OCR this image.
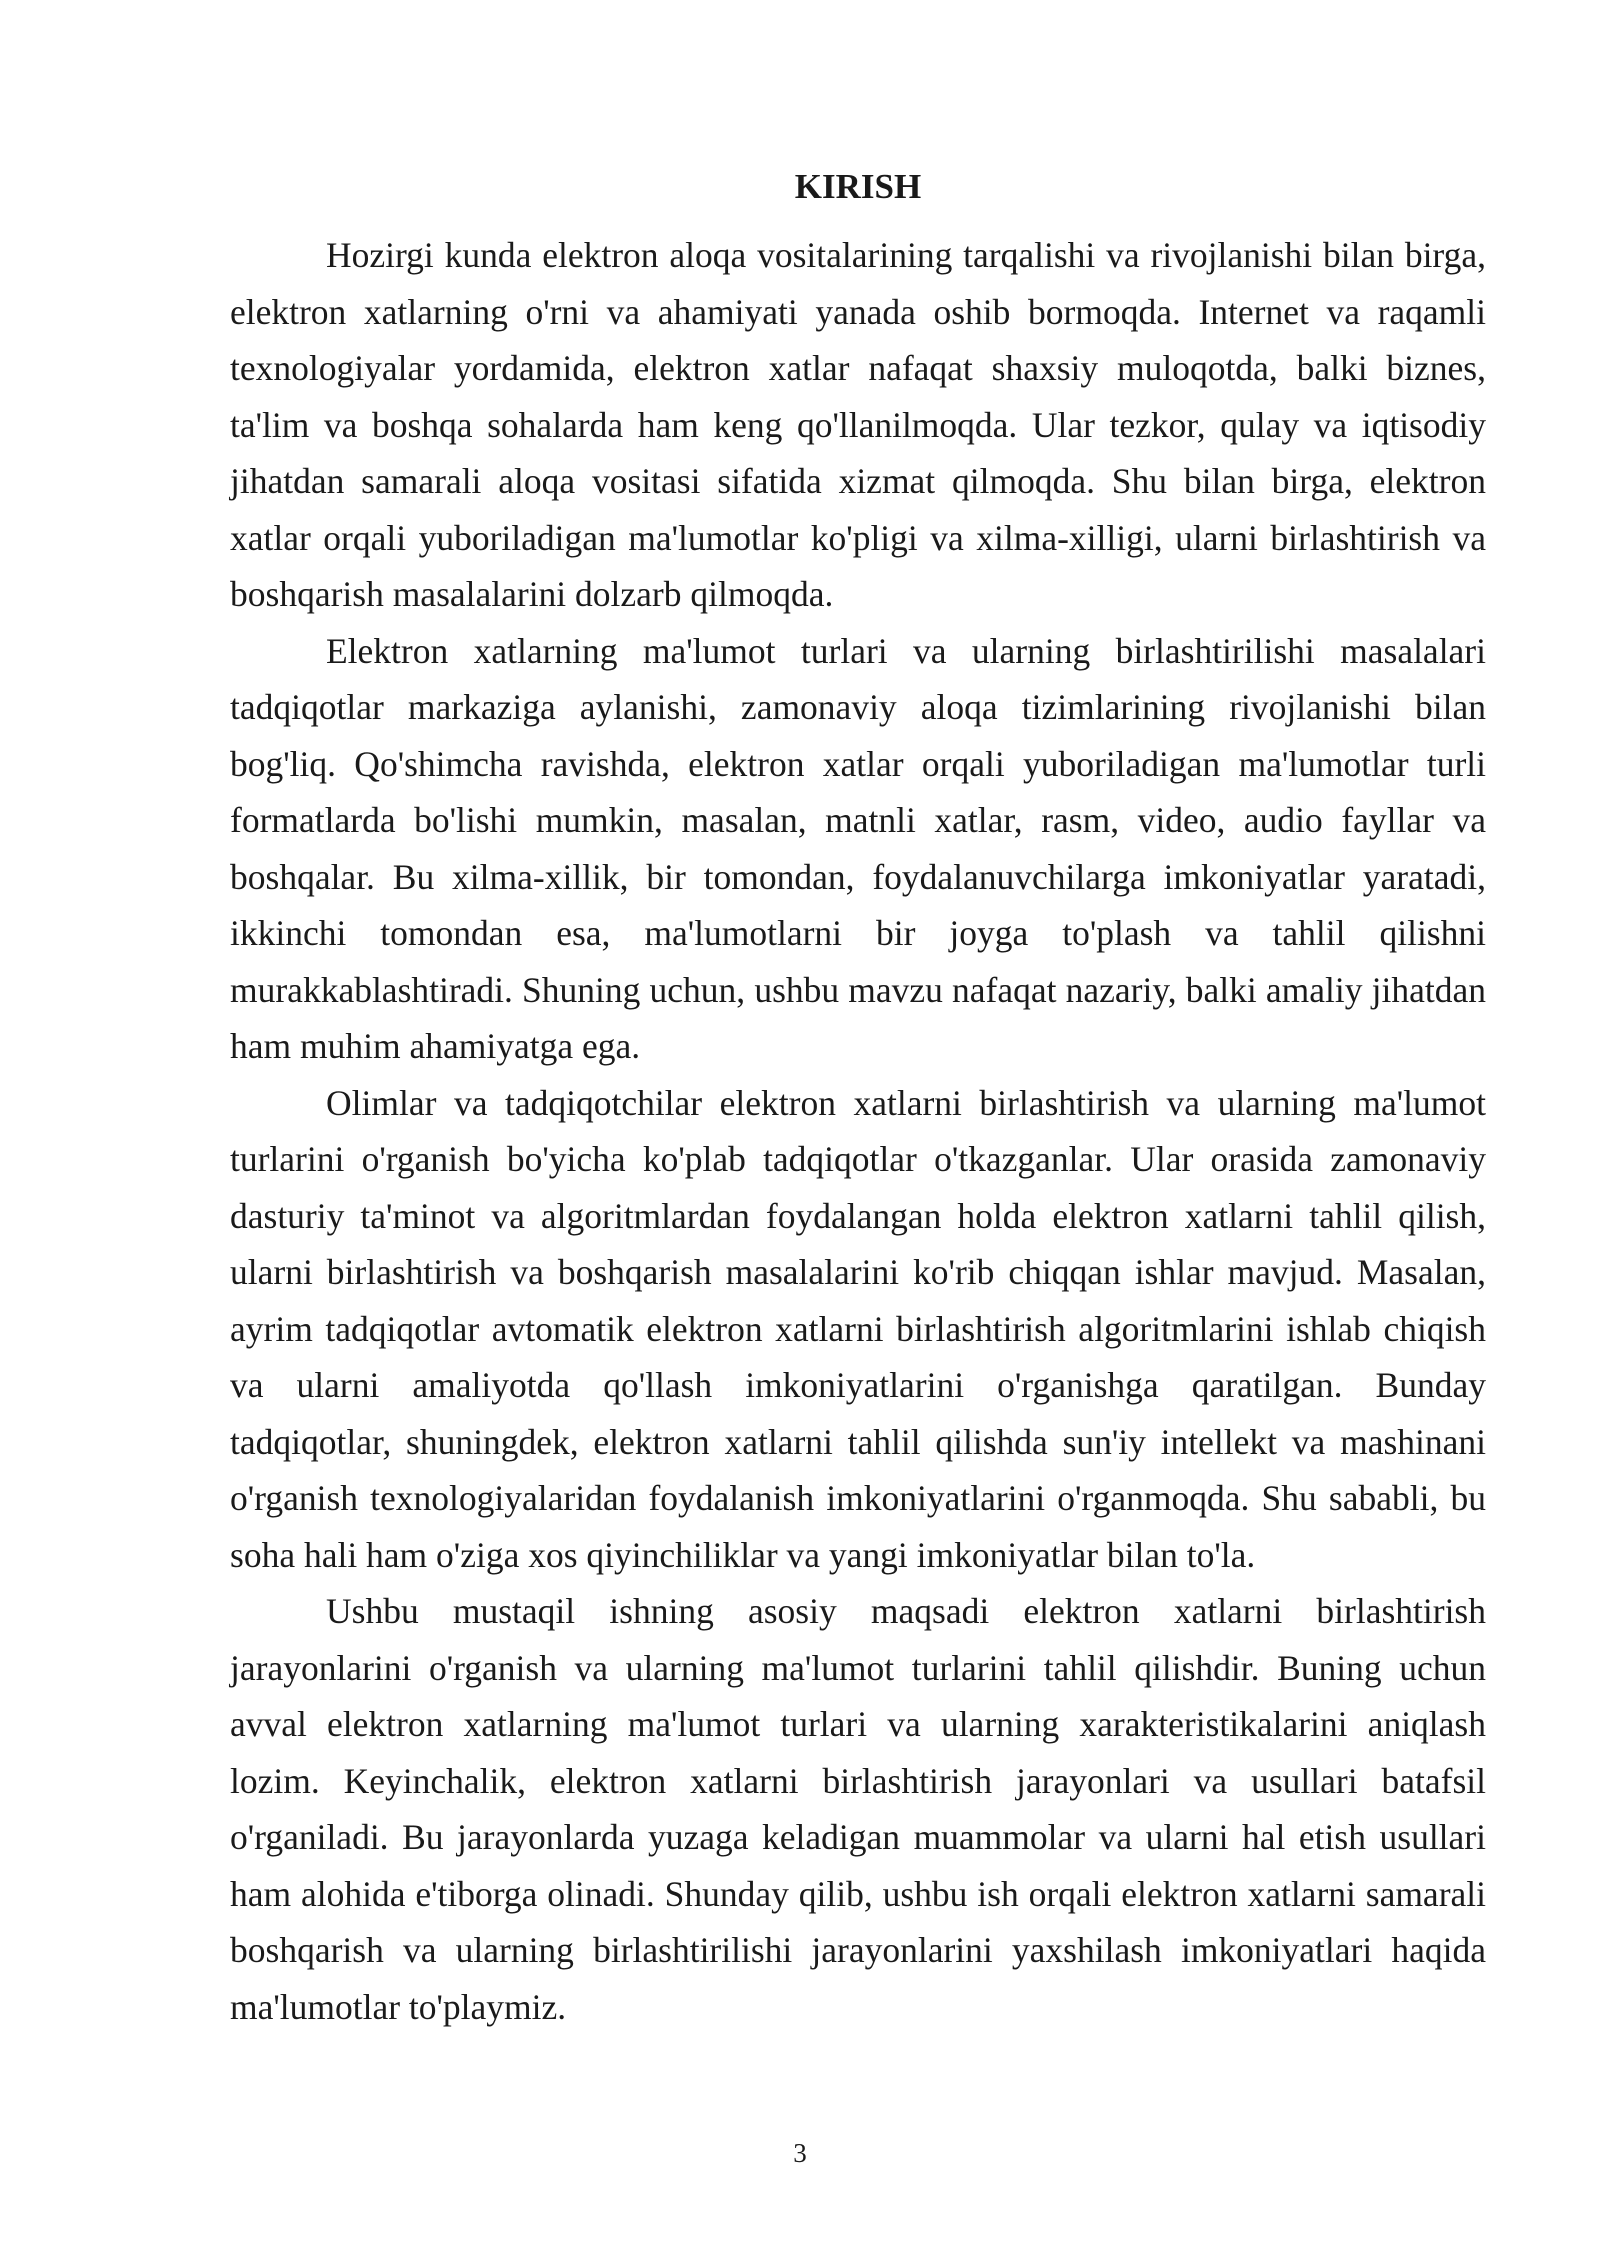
KIRISH

Hozirgi kunda elektron aloqa vositalarining tarqalishi va rivojlanishi bilan birga, elektron xatlarning o'rni va ahamiyati yanada oshib bormoqda. Internet va raqamli texnologiyalar yordamida, elektron xatlar nafaqat shaxsiy muloqotda, balki biznes, ta'lim va boshqa sohalarda ham keng qo'llanilmoqda. Ular tezkor, qulay va iqtisodiy jihatdan samarali aloqa vositasi sifatida xizmat qilmoqda. Shu bilan birga, elektron xatlar orqali yuboriladigan ma'lumotlar ko'pligi va xilma-xilligi, ularni birlashtirish va boshqarish masalalarini dolzarb qilmoqda.

Elektron xatlarning ma'lumot turlari va ularning birlashtirilishi masalalari tadqiqotlar markaziga aylanishi, zamonaviy aloqa tizimlarining rivojlanishi bilan bog'liq. Qo'shimcha ravishda, elektron xatlar orqali yuboriladigan ma'lumotlar turli formatlarda bo'lishi mumkin, masalan, matnli xatlar, rasm, video, audio fayllar va boshqalar. Bu xilma-xillik, bir tomondan, foydalanuvchilarga imkoniyatlar yaratadi, ikkinchi tomondan esa, ma'lumotlarni bir joyga to'plash va tahlil qilishni murakkablashtiradi. Shuning uchun, ushbu mavzu nafaqat nazariy, balki amaliy jihatdan ham muhim ahamiyatga ega.

Olimlar va tadqiqotchilar elektron xatlarni birlashtirish va ularning ma'lumot turlarini o'rganish bo'yicha ko'plab tadqiqotlar o'tkazganlar. Ular orasida zamonaviy dasturiy ta'minot va algoritmlardan foydalangan holda elektron xatlarni tahlil qilish, ularni birlashtirish va boshqarish masalalarini ko'rib chiqqan ishlar mavjud. Masalan, ayrim tadqiqotlar avtomatik elektron xatlarni birlashtirish algoritmlarini ishlab chiqish va ularni amaliyotda qo'llash imkoniyatlarini o'rganishga qaratilgan. Bunday tadqiqotlar, shuningdek, elektron xatlarni tahlil qilishda sun'iy intellekt va mashinani o'rganish texnologiyalaridan foydalanish imkoniyatlarini o'rganmoqda. Shu sababli, bu soha hali ham o'ziga xos qiyinchiliklar va yangi imkoniyatlar bilan to'la.

Ushbu mustaqil ishning asosiy maqsadi elektron xatlarni birlashtirish jarayonlarini o'rganish va ularning ma'lumot turlarini tahlil qilishdir. Buning uchun avval elektron xatlarning ma'lumot turlari va ularning xarakteristikalarini aniqlash lozim. Keyinchalik, elektron xatlarni birlashtirish jarayonlari va usullari batafsil o'rganiladi. Bu jarayonlarda yuzaga keladigan muammolar va ularni hal etish usullari ham alohida e'tiborga olinadi. Shunday qilib, ushbu ish orqali elektron xatlarni samarali boshqarish va ularning birlashtirilishi jarayonlarini yaxshilash imkoniyatlari haqida ma'lumotlar to'playmiz.

3
